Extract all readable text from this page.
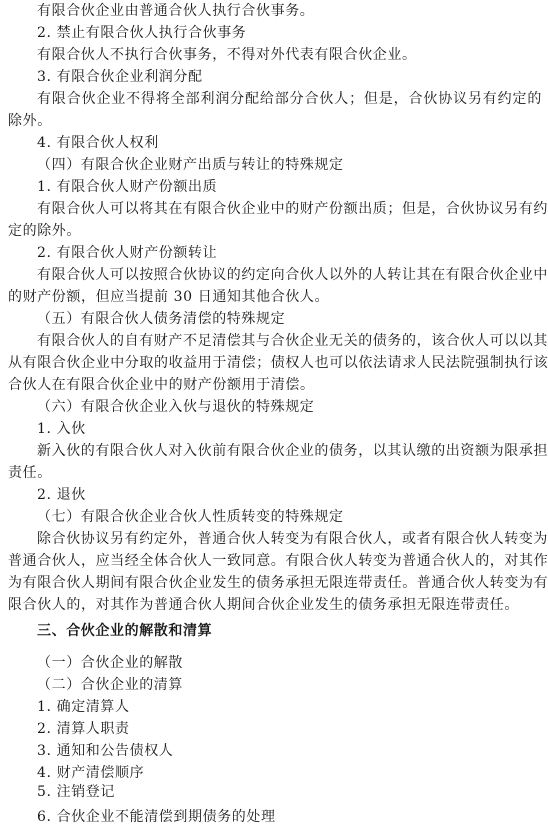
有限合伙企业由普通合伙人执行合伙事务。
2. 禁止有限合伙人执行合伙事务
有限合伙人不执行合伙事务，不得对外代表有限合伙企业。
3. 有限合伙企业利润分配
有限合伙企业不得将全部利润分配给部分合伙人；但是，合伙协议另有约定的
除外。
4. 有限合伙人权利
（四）有限合伙企业财产出质与转让的特殊规定
1. 有限合伙人财产份额出质
有限合伙人可以将其在有限合伙企业中的财产份额出质；但是，合伙协议另有约
定的除外。
2. 有限合伙人财产份额转让
有限合伙人可以按照合伙协议的约定向合伙人以外的人转让其在有限合伙企业中
的财产份额，但应当提前 30 日通知其他合伙人。
（五）有限合伙人债务清偿的特殊规定
有限合伙人的自有财产不足清偿其与合伙企业无关的债务的，该合伙人可以以其
从有限合伙企业中分取的收益用于清偿；债权人也可以依法请求人民法院强制执行该
合伙人在有限合伙企业中的财产份额用于清偿。
（六）有限合伙企业入伙与退伙的特殊规定
1. 入伙
新入伙的有限合伙人对入伙前有限合伙企业的债务，以其认缴的出资额为限承担
责任。
2. 退伙
（七）有限合伙企业合伙人性质转变的特殊规定
除合伙协议另有约定外，普通合伙人转变为有限合伙人，或者有限合伙人转变为
普通合伙人，应当经全体合伙人一致同意。有限合伙人转变为普通合伙人的，对其作
为有限合伙人期间有限合伙企业发生的债务承担无限连带责任。普通合伙人转变为有
限合伙人的，对其作为普通合伙人期间合伙企业发生的债务承担无限连带责任。
三、合伙企业的解散和清算
（一）合伙企业的解散
（二）合伙企业的清算
1. 确定清算人
2. 清算人职责
3. 通知和公告债权人
4. 财产清偿顺序
5. 注销登记
6. 合伙企业不能清偿到期债务的处理
